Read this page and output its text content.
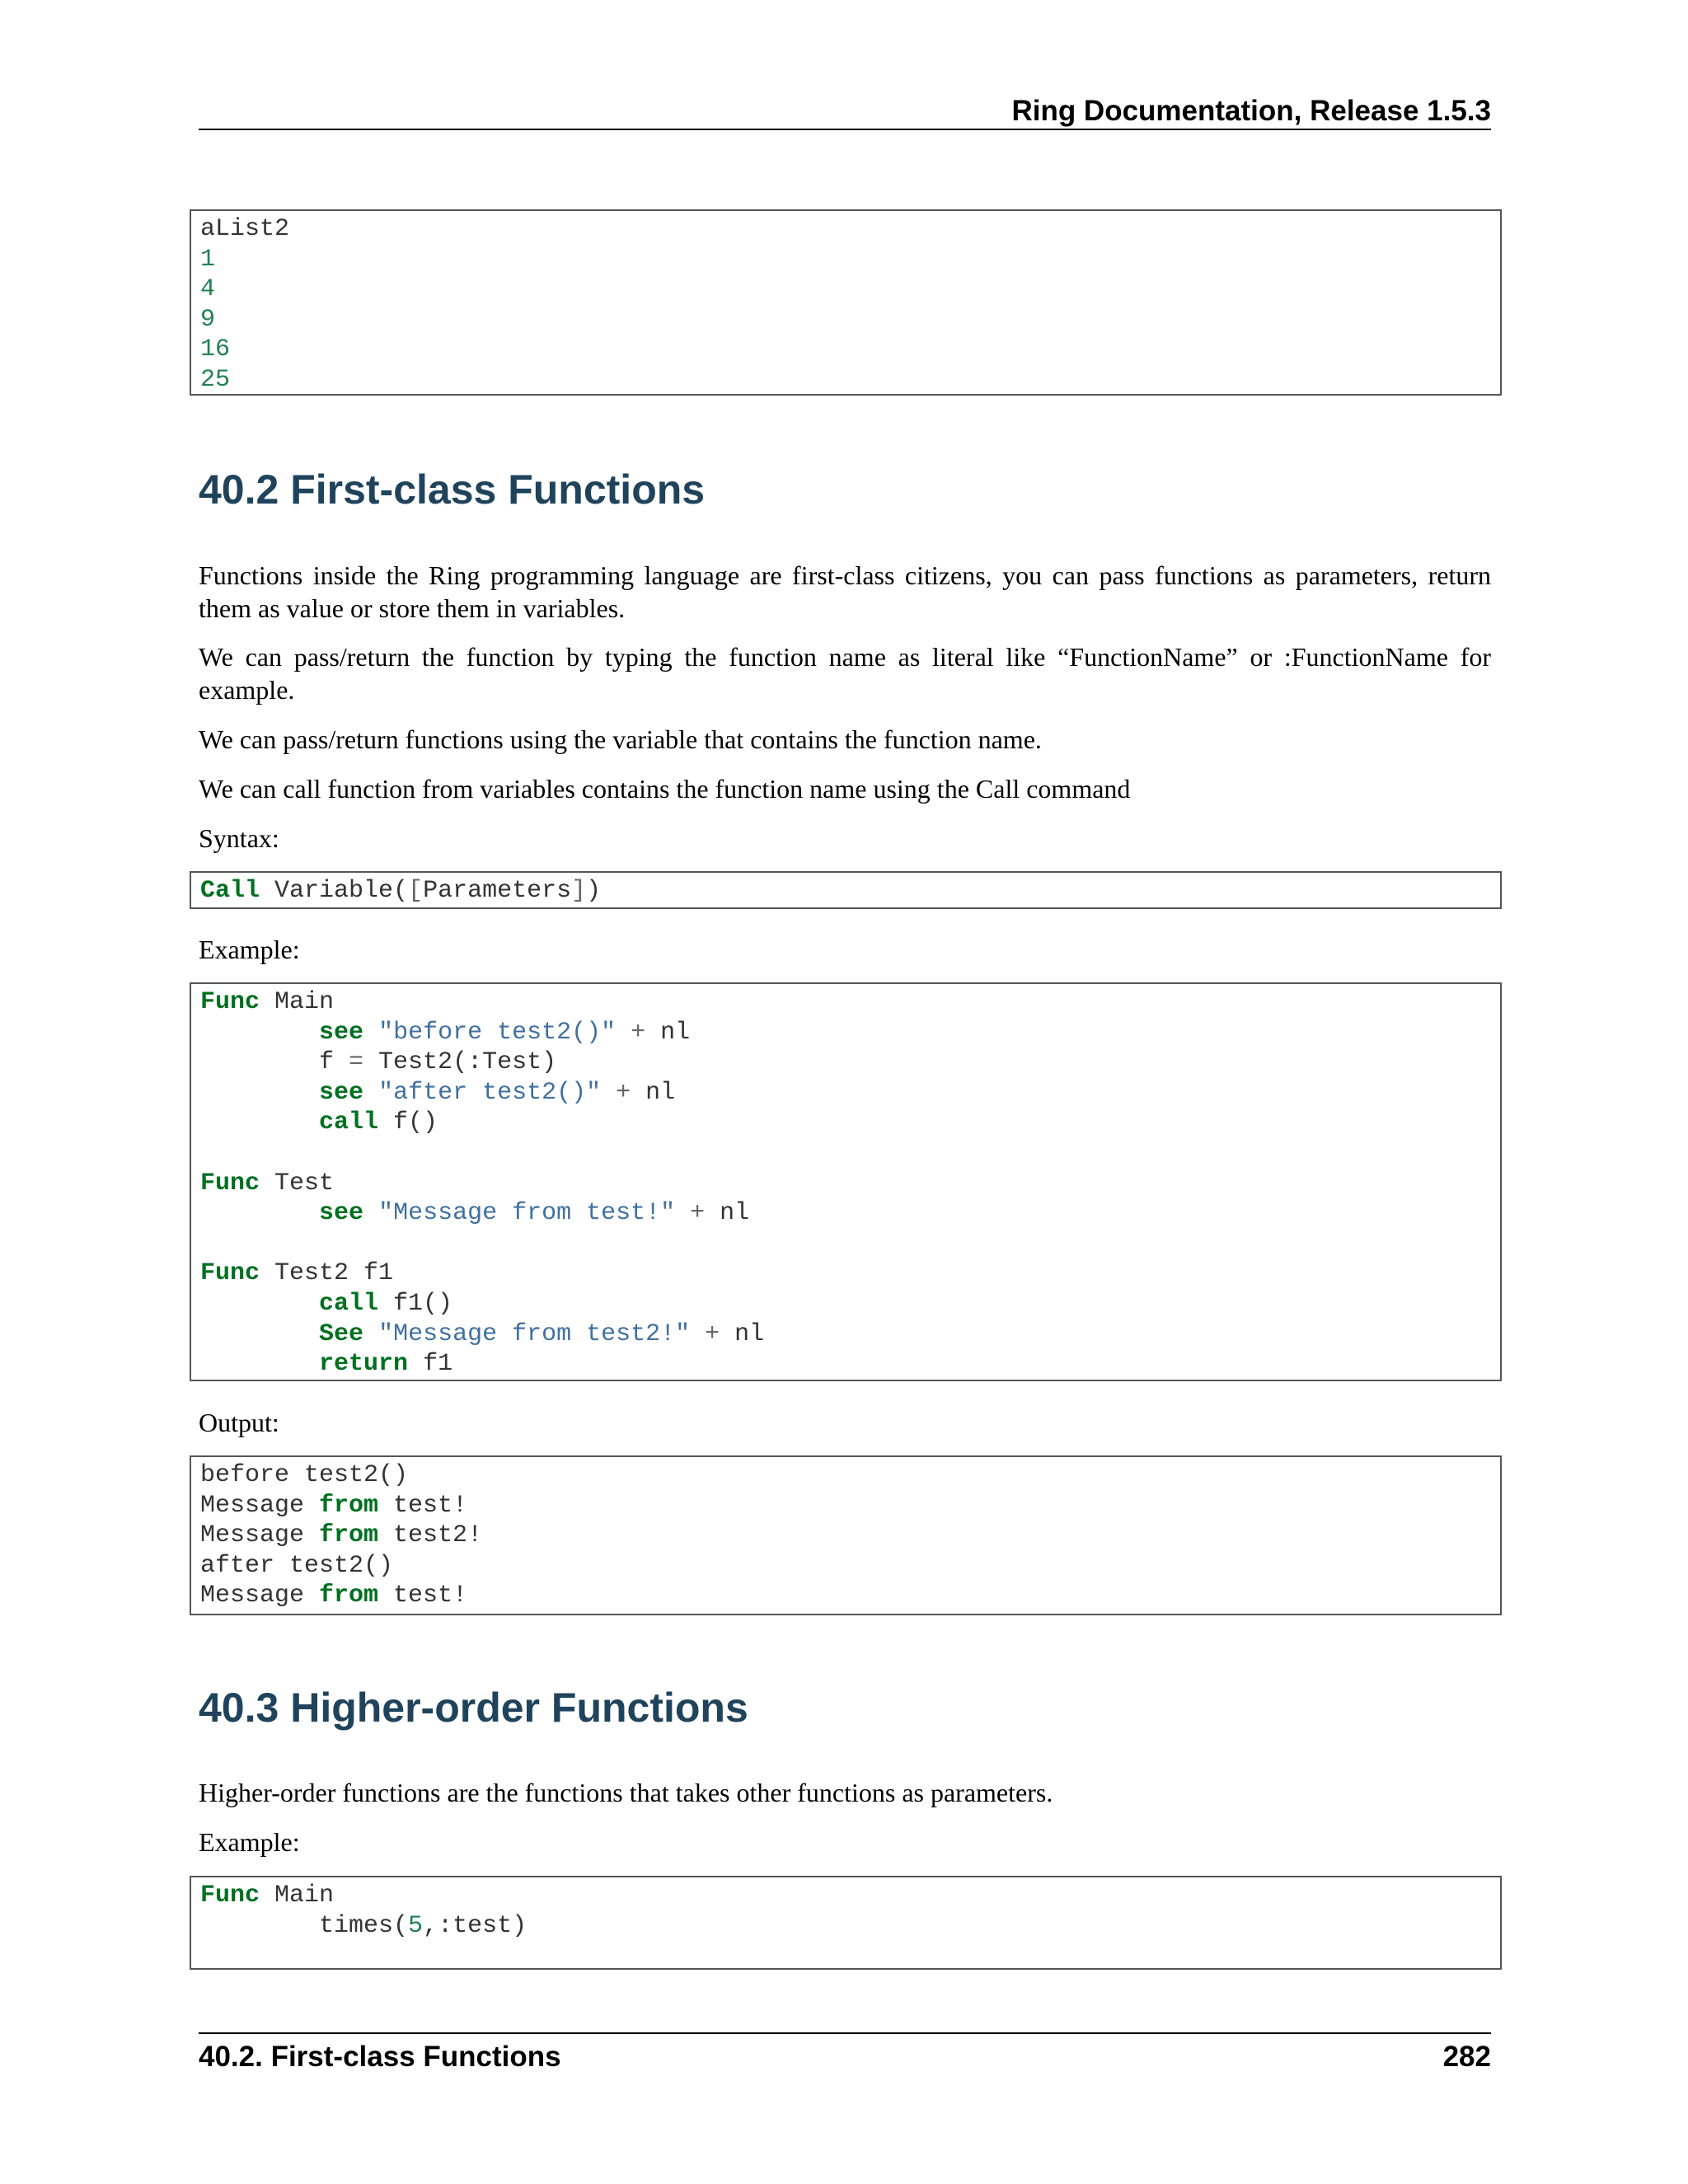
Ring Documentation, Release 1.5.3
aList2
1
4
9
16
25
40.2 First-class Functions

Functions inside the Ring programming language are first-class citizens, you can pass functions as parameters, return them as value or store them in variables.

We can pass/return the function by typing the function name as literal like “FunctionName” or :FunctionName for example.

We can pass/return functions using the variable that contains the function name.

We can call function from variables contains the function name using the Call command

Syntax:

Call Variable([Parameters])

Example:

Func Main
see "before test2()" + nl
f = Test2(:Test)
see "after test2()" + nl
call f()
Func Test
see "Message from test!" + nl
Func Test2 f1
call f1()
See "Message from test2!" + nl
return f1

Output:

before test2()
Message from test!
Message from test2!
after test2()
Message from test!
40.3 Higher-order Functions

Higher-order functions are the functions that takes other functions as parameters.

Example:

Func Main
times(5,:test)
40.2. First-class Functions	282
